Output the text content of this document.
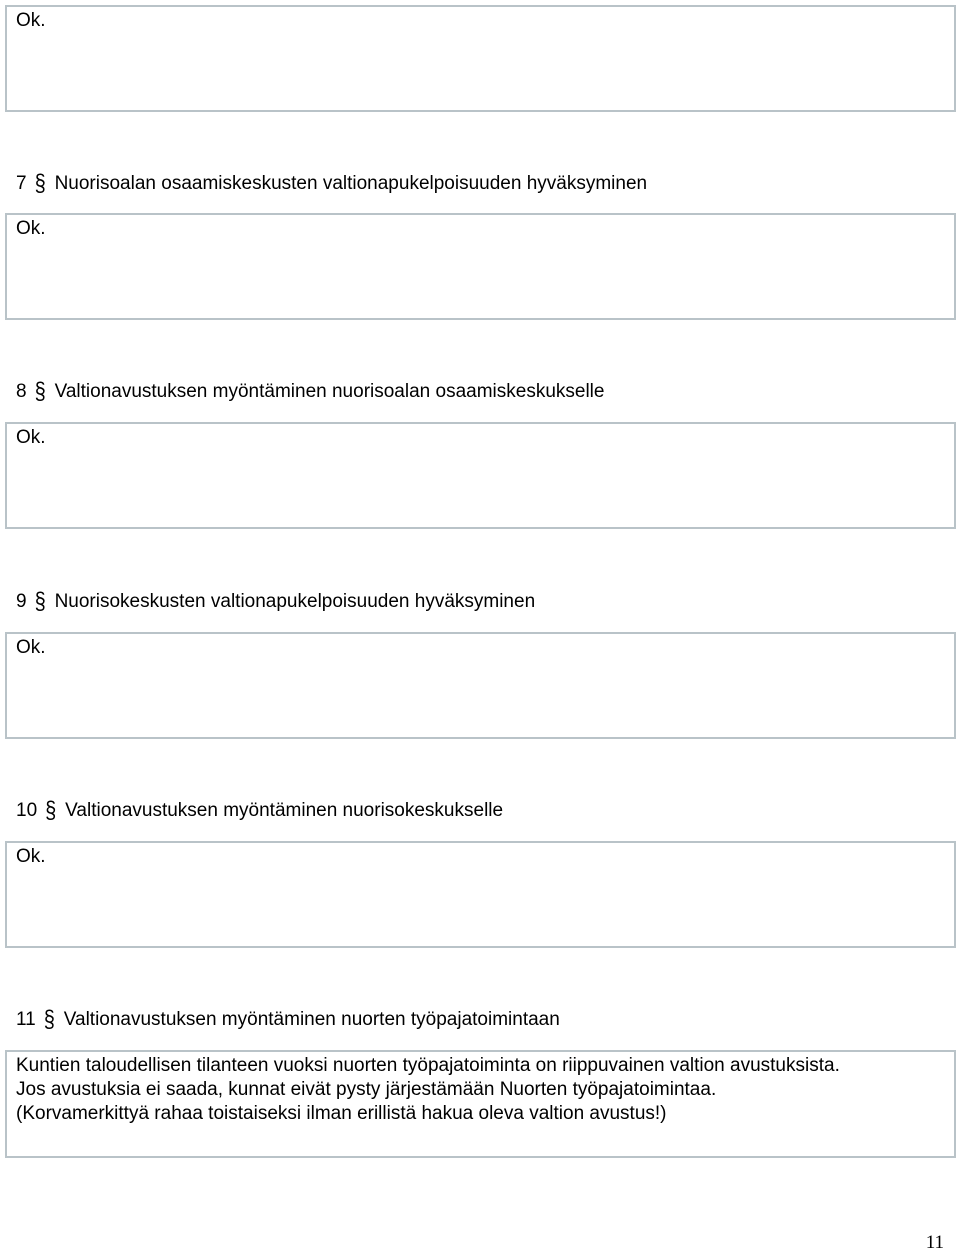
Ok.

7 § Nuorisoalan osaamiskeskusten valtionapukelpoisuuden hyväksyminen

Ok.

8 § Valtionavustuksen myöntäminen nuorisoalan osaamiskeskukselle

Ok.

9 § Nuorisokeskusten valtionapukelpoisuuden hyväksyminen

Ok.

10 § Valtionavustuksen myöntäminen nuorisokeskukselle

Ok.

11 § Valtionavustuksen myöntäminen nuorten työpajatoimintaan

Kuntien taloudellisen tilanteen vuoksi nuorten työpajatoiminta on riippuvainen valtion avustuksista.

Jos avustuksia ei saada, kunnat eivät pysty järjestämään Nuorten työpajatoimintaa.

(Korvamerkittyä rahaa toistaiseksi ilman erillistä hakua oleva valtion avustus!)

11
